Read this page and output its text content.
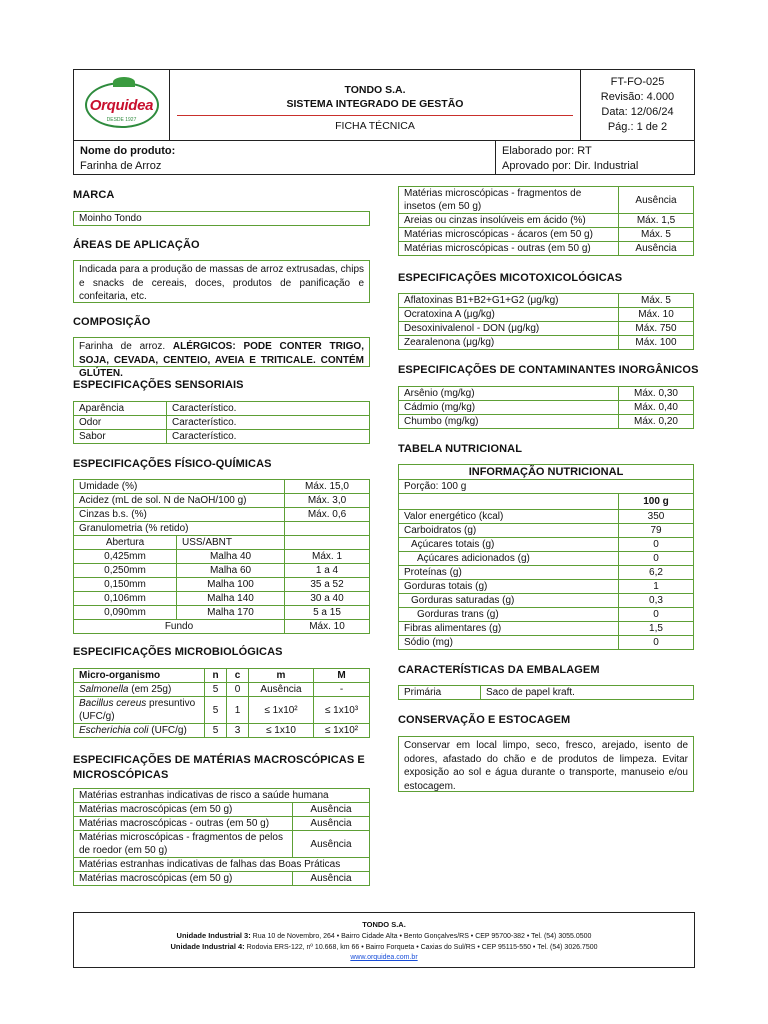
Orquidea
DESDE 1927
TONDO S.A.
SISTEMA INTEGRADO DE GESTÃO
FICHA TÉCNICA
FT-FO-025
Revisão: 4.000
Data: 12/06/24
Pág.: 1 de 2
Nome do produto:
Farinha de Arroz
Elaborado por: RT
Aprovado por: Dir. Industrial
MARCA
Moinho Tondo
ÁREAS DE APLICAÇÃO
Indicada para a produção de massas de arroz extrusadas, chips e snacks de cereais, doces, produtos de panificação e confeitaria, etc.
COMPOSIÇÃO
Farinha de arroz. ALÉRGICOS: PODE CONTER TRIGO, SOJA, CEVADA, CENTEIO, AVEIA E TRITICALE. CONTÉM GLÚTEN.
ESPECIFICAÇÕES SENSORIAIS
Aparência	Característico.
Odor	Característico.
Sabor	Característico.
ESPECIFICAÇÕES FÍSICO-QUÍMICAS
Umidade (%)		Máx. 15,0
Acidez (mL de sol. N de NaOH/100 g)		Máx. 3,0
Cinzas b.s. (%)		Máx. 0,6
Granulometria (% retido)		
Abertura	USS/ABNT	
0,425mm	Malha 40	Máx. 1
0,250mm	Malha 60	1 a 4
0,150mm	Malha 100	35 a 52
0,106mm	Malha 140	30 a 40
0,090mm	Malha 170	5 a 15
Fundo		Máx. 10
ESPECIFICAÇÕES MICROBIOLÓGICAS
Micro-organismo	n	c	m	M
Salmonella (em 25g)	5	0	Ausência	-
Bacillus cereus presuntivo (UFC/g)	5	1	≤ 1x10²	≤ 1x10³
Escherichia coli (UFC/g)	5	3	≤ 1x10	≤ 1x10²
ESPECIFICAÇÕES DE MATÉRIAS MACROSCÓPICAS E MICROSCÓPICAS
Matérias estranhas indicativas de risco a saúde humana	
Matérias macroscópicas (em 50 g)	Ausência
Matérias macroscópicas - outras (em 50 g)	Ausência
Matérias microscópicas - fragmentos de pelos de roedor (em 50 g)	Ausência
Matérias estranhas indicativas de falhas das Boas Práticas	
Matérias macroscópicas (em 50 g)	Ausência
Matérias microscópicas - fragmentos de insetos (em 50 g)	Ausência
Areias ou cinzas insolúveis em ácido (%)	Máx. 1,5
Matérias microscópicas - ácaros (em 50 g)	Máx. 5
Matérias microscópicas - outras (em 50 g)	Ausência
ESPECIFICAÇÕES MICOTOXICOLÓGICAS
Aflatoxinas B1+B2+G1+G2 (μg/kg)	Máx. 5
Ocratoxina A (μg/kg)	Máx. 10
Desoxinivalenol - DON (μg/kg)	Máx. 750
Zearalenona (μg/kg)	Máx. 100
ESPECIFICAÇÕES DE CONTAMINANTES INORGÂNICOS
Arsênio (mg/kg)	Máx. 0,30
Cádmio (mg/kg)	Máx. 0,40
Chumbo (mg/kg)	Máx. 0,20
TABELA NUTRICIONAL
INFORMAÇÃO NUTRICIONAL	
Porção: 100 g	
	100 g
Valor energético (kcal)	350
Carboidratos (g)	79
Açúcares totais (g)	0
Açúcares adicionados (g)	0
Proteínas (g)	6,2
Gorduras totais (g)	1
Gorduras saturadas (g)	0,3
Gorduras trans (g)	0
Fibras alimentares (g)	1,5
Sódio (mg)	0
CARACTERÍSTICAS DA EMBALAGEM
Primária	Saco de papel kraft.
CONSERVAÇÃO E ESTOCAGEM
Conservar em local limpo, seco, fresco, arejado, isento de odores, afastado do chão e de produtos de limpeza. Evitar exposição ao sol e água durante o transporte, manuseio e/ou estocagem.
TONDO S.A.
Unidade Industrial 3: Rua 10 de Novembro, 264 • Bairro Cidade Alta • Bento Gonçalves/RS • CEP 95700-382 • Tel. (54) 3055.0500
Unidade Industrial 4: Rodovia ERS-122, nº 10.668, km 66 • Bairro Forqueta • Caxias do Sul/RS • CEP 95115-550 • Tel. (54) 3026.7500
www.orquidea.com.br
